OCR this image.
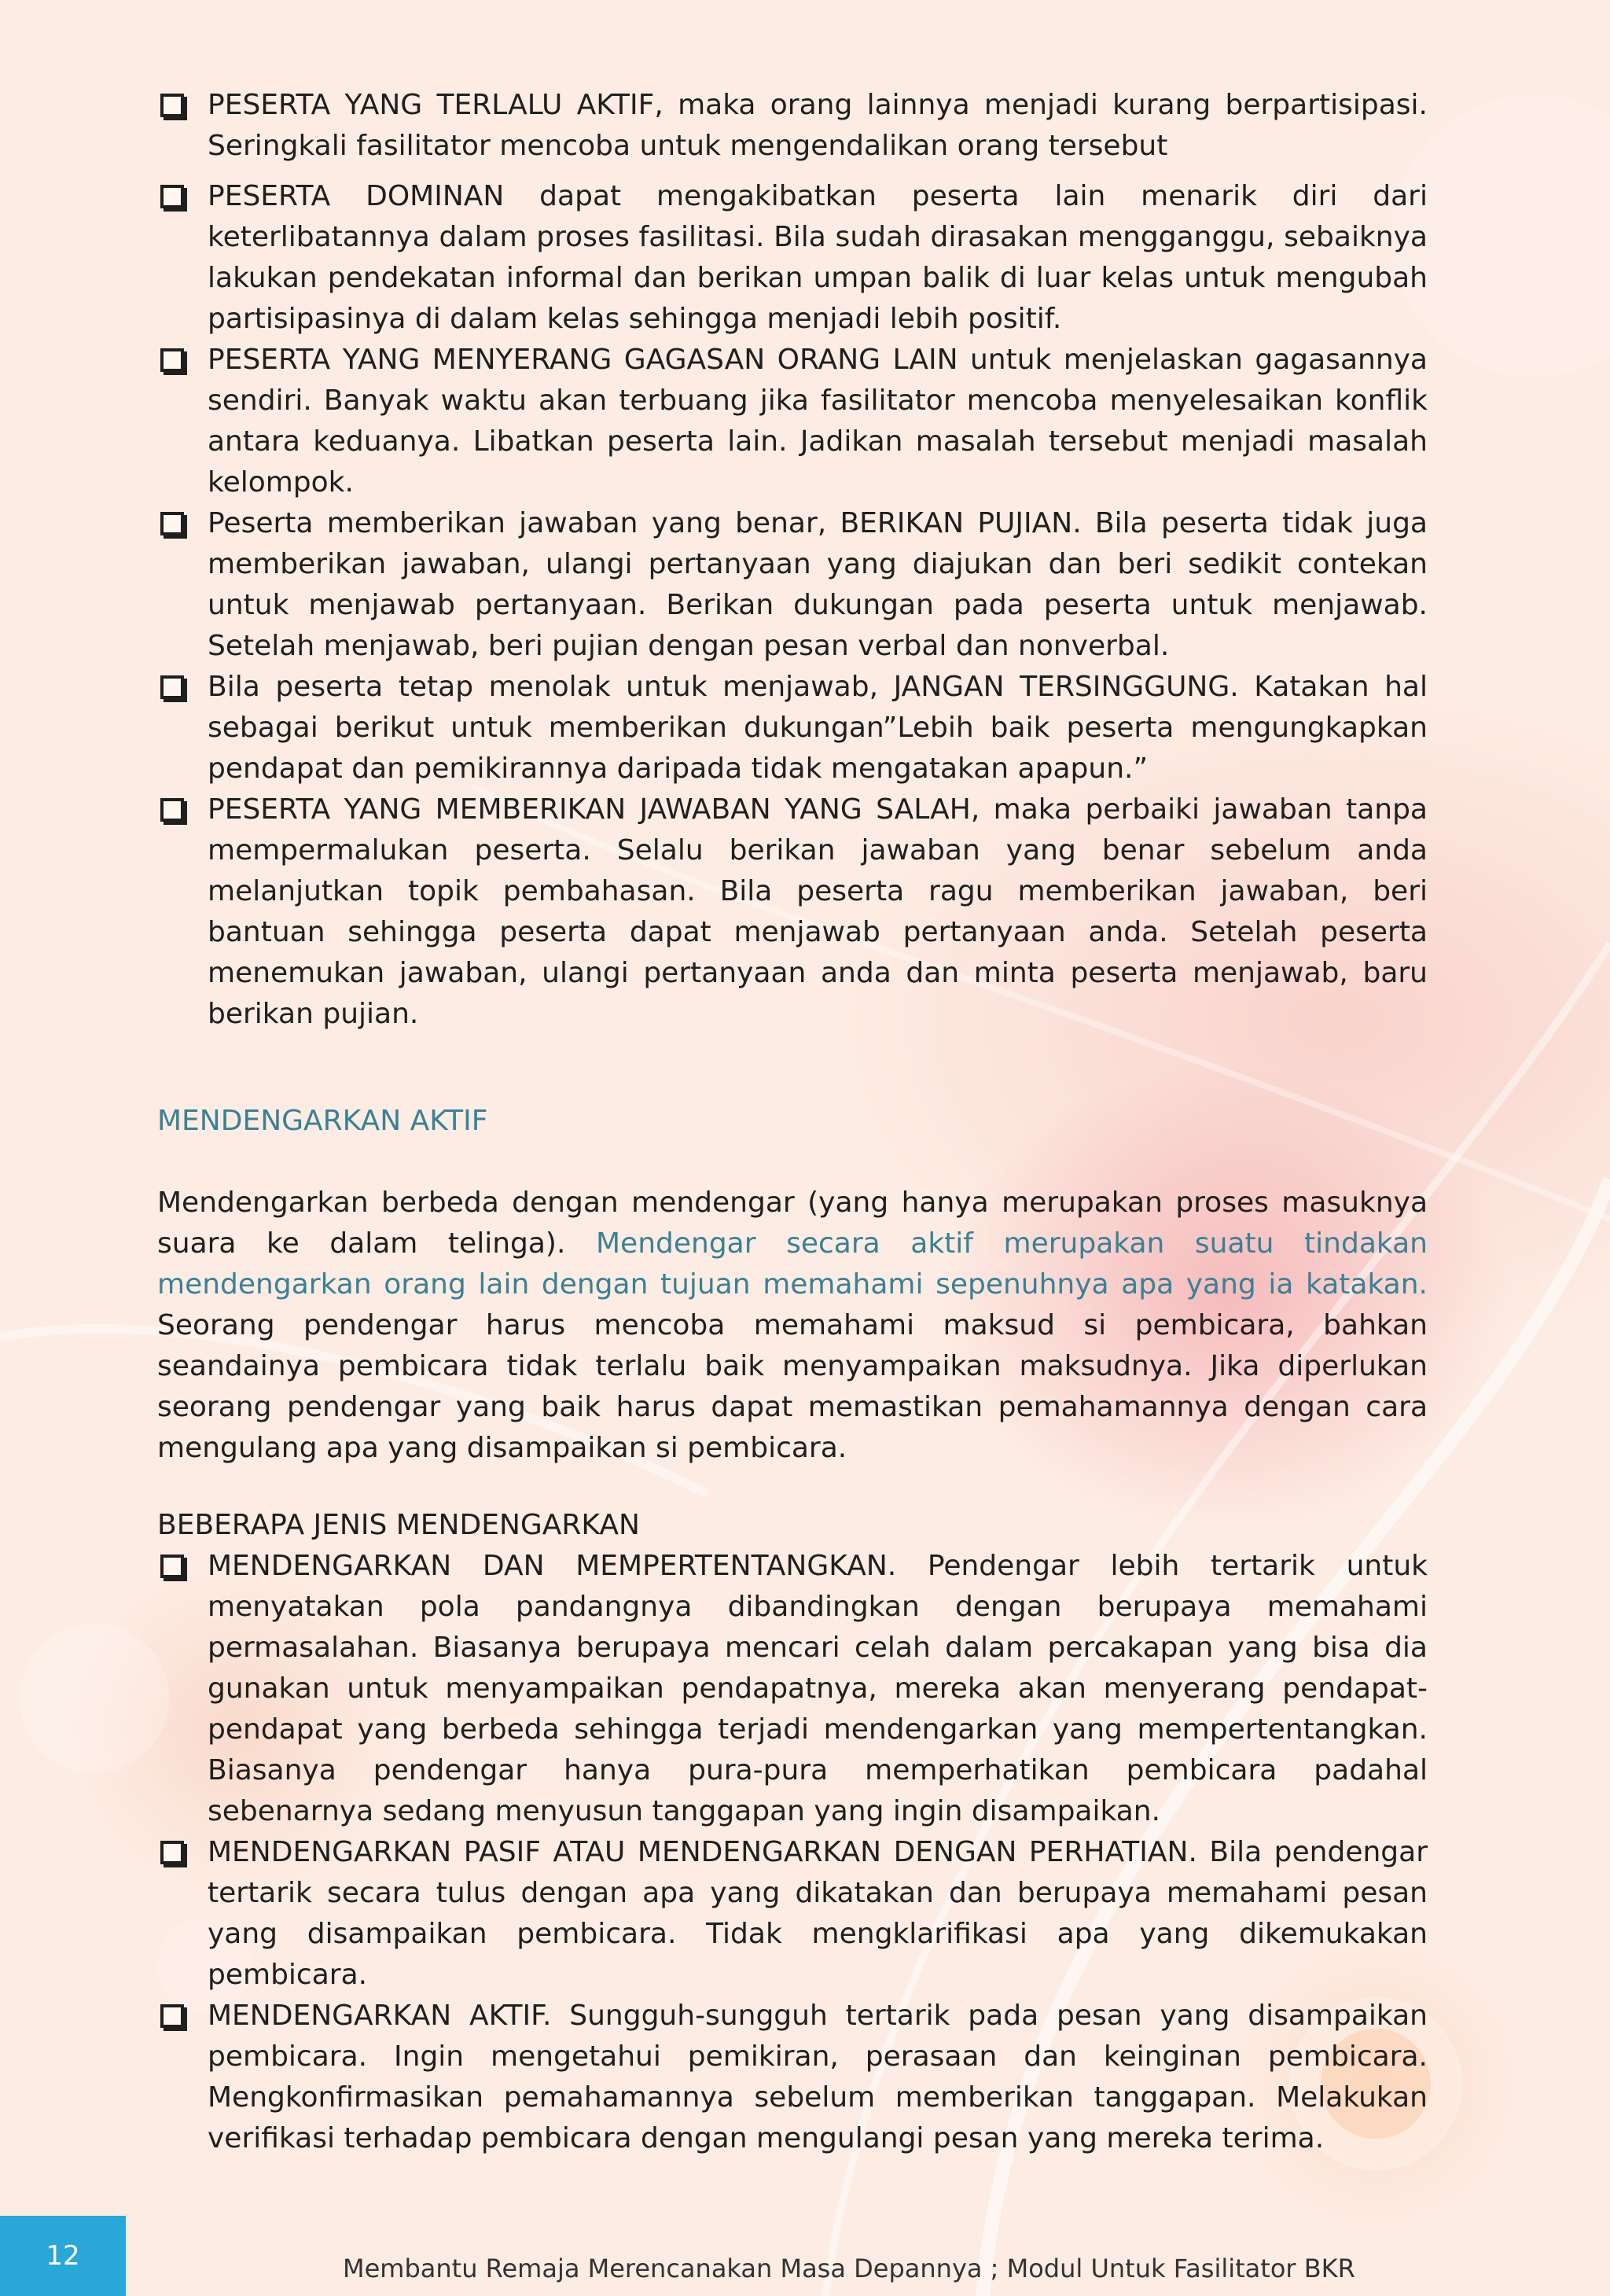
PESERTA YANG TERLALU AKTIF, maka orang lainnya menjadi kurang berpartisipasi. Seringkali fasilitator mencoba untuk mengendalikan orang tersebut
PESERTA DOMINAN dapat mengakibatkan peserta lain menarik diri dari keterlibatannya dalam proses fasilitasi. Bila sudah dirasakan mengganggu, sebaiknya lakukan pendekatan informal dan berikan umpan balik di luar kelas untuk mengubah partisipasinya di dalam kelas sehingga menjadi lebih positif.
PESERTA YANG MENYERANG GAGASAN ORANG LAIN untuk menjelaskan gagasannya sendiri. Banyak waktu akan terbuang jika fasilitator mencoba menyelesaikan konflik antara keduanya. Libatkan peserta lain. Jadikan masalah tersebut menjadi masalah kelompok.
Peserta memberikan jawaban yang benar, BERIKAN PUJIAN. Bila peserta tidak juga memberikan jawaban, ulangi pertanyaan yang diajukan dan beri sedikit contekan untuk menjawab pertanyaan. Berikan dukungan pada peserta untuk menjawab. Setelah menjawab, beri pujian dengan pesan verbal dan nonverbal.
Bila peserta tetap menolak untuk menjawab, JANGAN TERSINGGUNG. Katakan hal sebagai berikut untuk memberikan dukungan”Lebih baik peserta mengungkapkan pendapat dan pemikirannya daripada tidak mengatakan apapun.”
PESERTA YANG MEMBERIKAN JAWABAN YANG SALAH, maka perbaiki jawaban tanpa mempermalukan peserta. Selalu berikan jawaban yang benar sebelum anda melanjutkan topik pembahasan. Bila peserta ragu memberikan jawaban, beri bantuan sehingga peserta dapat menjawab pertanyaan anda. Setelah peserta menemukan jawaban, ulangi pertanyaan anda dan minta peserta menjawab, baru berikan pujian.
MENDENGARKAN AKTIF

Mendengarkan berbeda dengan mendengar (yang hanya merupakan proses masuknya suara ke dalam telinga). Mendengar secara aktif merupakan suatu tindakan mendengarkan orang lain dengan tujuan memahami sepenuhnya apa yang ia katakan. Seorang pendengar harus mencoba memahami maksud si pembicara, bahkan seandainya pembicara tidak terlalu baik menyampaikan maksudnya. Jika diperlukan seorang pendengar yang baik harus dapat memastikan pemahamannya dengan cara mengulang apa yang disampaikan si pembicara.

BEBERAPA JENIS MENDENGARKAN
MENDENGARKAN DAN MEMPERTENTANGKAN. Pendengar lebih tertarik untuk menyatakan pola pandangnya dibandingkan dengan berupaya memahami permasalahan. Biasanya berupaya mencari celah dalam percakapan yang bisa dia gunakan untuk menyampaikan pendapatnya, mereka akan menyerang pendapat-pendapat yang berbeda sehingga terjadi mendengarkan yang mempertentangkan. Biasanya pendengar hanya pura-pura memperhatikan pembicara padahal sebenarnya sedang menyusun tanggapan yang ingin disampaikan.
MENDENGARKAN PASIF ATAU MENDENGARKAN DENGAN PERHATIAN. Bila pendengar tertarik secara tulus dengan apa yang dikatakan dan berupaya memahami pesan yang disampaikan pembicara. Tidak mengklarifikasi apa yang dikemukakan pembicara.
MENDENGARKAN AKTIF. Sungguh-sungguh tertarik pada pesan yang disampaikan pembicara. Ingin mengetahui pemikiran, perasaan dan keinginan pembicara. Mengkonfirmasikan pemahamannya sebelum memberikan tanggapan. Melakukan verifikasi terhadap pembicara dengan mengulangi pesan yang mereka terima.
12	Membantu Remaja Merencanakan Masa Depannya ; Modul Untuk Fasilitator BKR
